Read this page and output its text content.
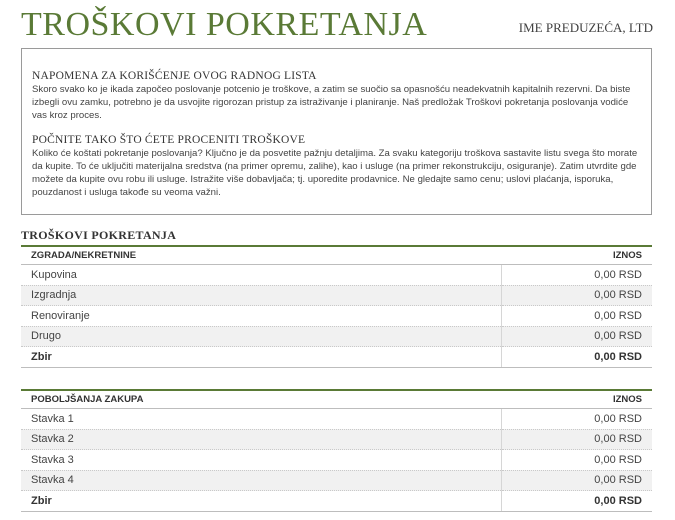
TROŠKOVI POKRETANJA	IME PREDUZEĆA, LTD
NAPOMENA ZA KORIŠĆENJE OVOG RADNOG LISTA

Skoro svako ko je ikada započeo poslovanje potcenio je troškove, a zatim se suočio sa opasnošću neadekvatnih kapitalnih rezervni. Da biste izbegli ovu zamku, potrebno je da usvojite rigorozan pristup za istraživanje i planiranje. Naš predložak Troškovi pokretanja poslovanja vodiće vas kroz proces.

POČNITE TAKO ŠTO ĆETE PROCENITI TROŠKOVE

Koliko će koštati pokretanje poslovanja? Ključno je da posvetite pažnju detaljima. Za svaku kategoriju troškova sastavite listu svega što morate da kupite. To će uključiti materijalna sredstva (na primer opremu, zalihe), kao i usluge (na primer rekonstrukciju, osiguranje). Zatim utvrdite gde možete da kupite ovu robu ili usluge. Istražite više dobavljača; tj. uporedite prodavnice. Ne gledajte samo cenu; uslovi plaćanja, isporuka, pouzdanost i usluga takođe su veoma važni.

TROŠKOVI POKRETANJA
ZGRADA/NEKRETNINE	IZNOS
Kupovina	0,00 RSD
Izgradnja	0,00 RSD
Renoviranje	0,00 RSD
Drugo	0,00 RSD
Zbir	0,00 RSD
POBOLJŠANJA ZAKUPA	IZNOS
Stavka 1	0,00 RSD
Stavka 2	0,00 RSD
Stavka 3	0,00 RSD
Stavka 4	0,00 RSD
Zbir	0,00 RSD
